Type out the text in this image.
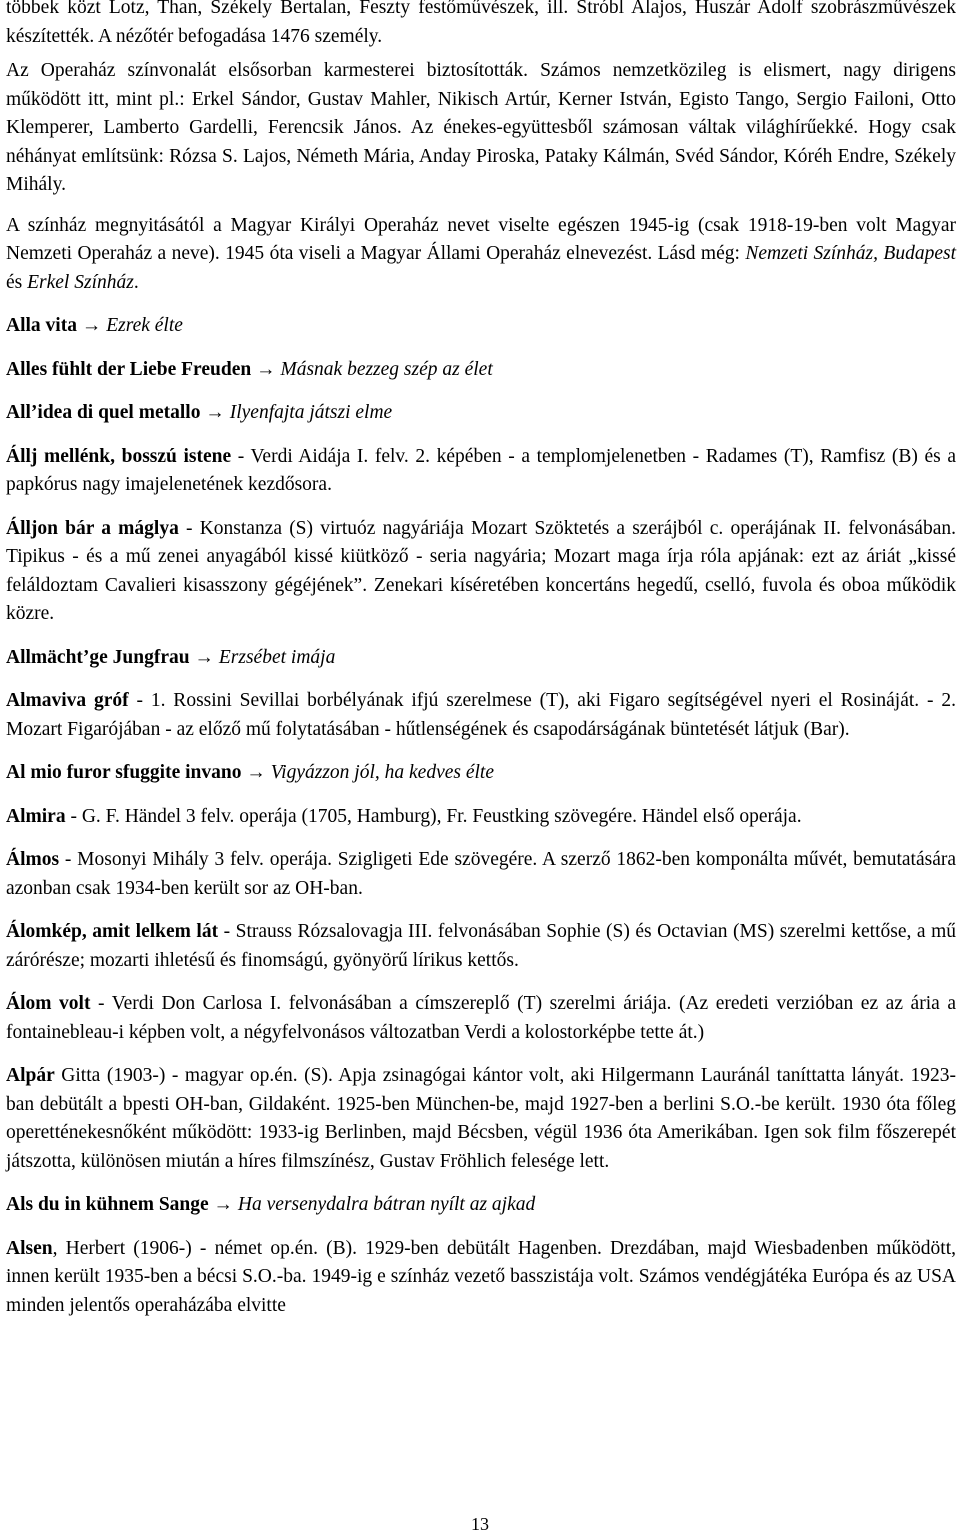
többek közt Lotz, Than, Székely Bertalan, Feszty festőművészek, ill. Stróbl Alajos, Huszár Adolf szobrászművészek készítették. A nézőtér befogadása 1476 személy.

Az Operaház színvonalát elsősorban karmesterei biztosították. Számos nemzetközileg is elismert, nagy dirigens működött itt, mint pl.: Erkel Sándor, Gustav Mahler, Nikisch Artúr, Kerner István, Egisto Tango, Sergio Failoni, Otto Klemperer, Lamberto Gardelli, Ferencsik János. Az énekes-együttesből számosan váltak világhírűekké. Hogy csak néhányat említsünk: Rózsa S. Lajos, Németh Mária, Anday Piroska, Pataky Kálmán, Svéd Sándor, Kóréh Endre, Székely Mihály.

A színház megnyitásától a Magyar Királyi Operaház nevet viselte egészen 1945-ig (csak 1918-19-ben volt Magyar Nemzeti Operaház a neve). 1945 óta viseli a Magyar Állami Operaház elnevezést. Lásd még: Nemzeti Színház, Budapest és Erkel Színház.

Alla vita → Ezrek élte

Alles fühlt der Liebe Freuden → Másnak bezzeg szép az élet

All’idea di quel metallo → Ilyenfajta játszi elme

Állj mellénk, bosszú istene - Verdi Aidája I. felv. 2. képében - a templomjelenetben - Radames (T), Ramfisz (B) és a papkórus nagy imajelenetének kezdősora.

Álljon bár a máglya - Konstanza (S) virtuóz nagyáriája Mozart Szöktetés a szerájból c. operájának II. felvonásában. Tipikus - és a mű zenei anyagából kissé kiütköző - seria nagyária; Mozart maga írja róla apjának: ezt az áriát „kissé feláldoztam Cavalieri kisasszony gégéjének”. Zenekari kíséretében koncertáns hegedű, cselló, fuvola és oboa működik közre.

Allmächt’ge Jungfrau → Erzsébet imája

Almaviva gróf - 1. Rossini Sevillai borbélyának ifjú szerelmese (T), aki Figaro segítségével nyeri el Rosináját. - 2. Mozart Figarójában - az előző mű folytatásában - hűtlenségének és csapodárságának büntetését látjuk (Bar).

Al mio furor sfuggite invano → Vigyázzon jól, ha kedves élte

Almira - G. F. Händel 3 felv. operája (1705, Hamburg), Fr. Feustking szövegére. Händel első operája.

Álmos - Mosonyi Mihály 3 felv. operája. Szigligeti Ede szövegére. A szerző 1862-ben komponálta művét, bemutatására azonban csak 1934-ben került sor az OH-ban.

Álomkép, amit lelkem lát - Strauss Rózsalovagja III. felvonásában Sophie (S) és Octavian (MS) szerelmi kettőse, a mű zárórésze; mozarti ihletésű és finomságú, gyönyörű lírikus kettős.

Álom volt - Verdi Don Carlosa I. felvonásában a címszereplő (T) szerelmi áriája. (Az eredeti verzióban ez az ária a fontainebleau-i képben volt, a négyfelvonásos változatban Verdi a kolostorképbe tette át.)

Alpár Gitta (1903-) - magyar op.én. (S). Apja zsinagógai kántor volt, aki Hilgermann Lauránál taníttatta lányát. 1923-ban debütált a bpesti OH-ban, Gildaként. 1925-ben München-be, majd 1927-ben a berlini S.O.-be került. 1930 óta főleg operetténekesnőként működött: 1933-ig Berlinben, majd Bécsben, végül 1936 óta Amerikában. Igen sok film főszerepét játszotta, különösen miután a híres filmszínész, Gustav Fröhlich felesége lett.

Als du in kühnem Sange → Ha versenydalra bátran nyílt az ajkad

Alsen, Herbert (1906-) - német op.én. (B). 1929-ben debütált Hagenben. Drezdában, majd Wiesbadenben működött, innen került 1935-ben a bécsi S.O.-ba. 1949-ig e színház vezető basszistája volt. Számos vendégjátéka Európa és az USA minden jelentős operaházába elvitte

13
